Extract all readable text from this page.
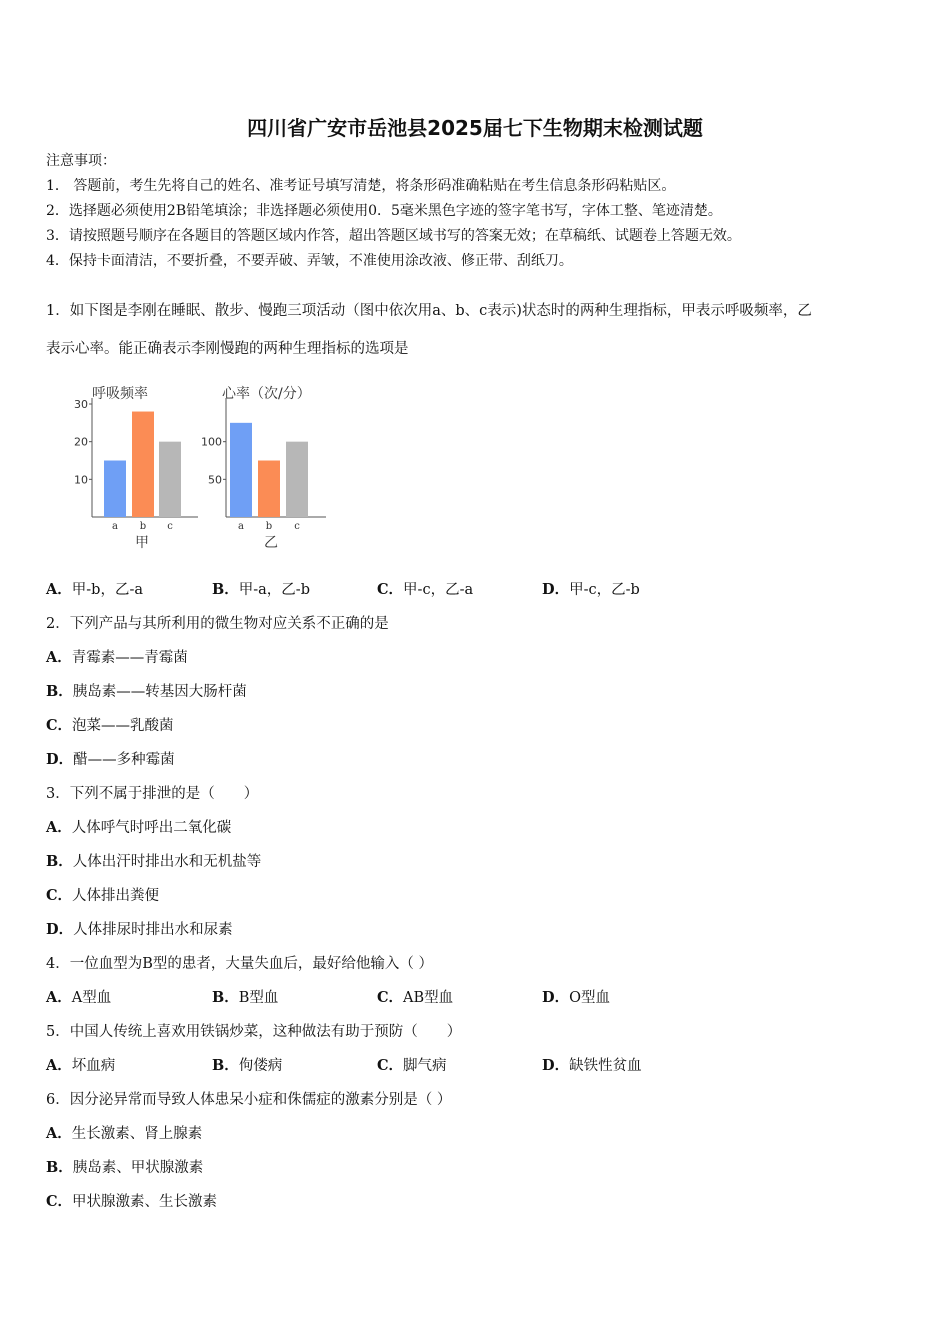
四川省广安市岳池县2025届七下生物期末检测试题
注意事项：
1． 答题前，考生先将自己的姓名、准考证号填写清楚，将条形码准确粘贴在考生信息条形码粘贴区。
2．选择题必须使用2B铅笔填涂；非选择题必须使用0．5毫米黑色字迹的签字笔书写，字体工整、笔迹清楚。
3．请按照题号顺序在各题目的答题区域内作答，超出答题区域书写的答案无效；在草稿纸、试题卷上答题无效。
4．保持卡面清洁，不要折叠，不要弄破、弄皱，不准使用涂改液、修正带、刮纸刀。
1．如下图是李刚在睡眠、散步、慢跑三项活动（图中依次用a、b、c表示)状态时的两种生理指标，甲表示呼吸频率，乙
表示心率。能正确表示李刚慢跑的两种生理指标的选项是
呼吸频率
10
20
30
a b c
甲
心率（次/分）
50
100
a b c
乙
A．甲-b，乙-a	B．甲-a，乙-b	C．甲-c，乙-a	D．甲-c，乙-b
2．下列产品与其所利用的微生物对应关系不正确的是
A．青霉素——青霉菌
B．胰岛素——转基因大肠杆菌
C．泡菜——乳酸菌
D．醋——多种霉菌
3．下列不属于排泄的是（　　）
A．人体呼气时呼出二氧化碳
B．人体出汗时排出水和无机盐等
C．人体排出粪便
D．人体排尿时排出水和尿素
4．一位血型为B型的患者，大量失血后，最好给他输入（ ）
A．A型血	B．B型血	C．AB型血	D．O型血
5．中国人传统上喜欢用铁锅炒菜，这种做法有助于预防（　　）
A．坏血病	B．佝偻病	C．脚气病	D．缺铁性贫血
6．因分泌异常而导致人体患呆小症和侏儒症的激素分别是（ ）
A．生长激素、肾上腺素
B．胰岛素、甲状腺激素
C．甲状腺激素、生长激素
